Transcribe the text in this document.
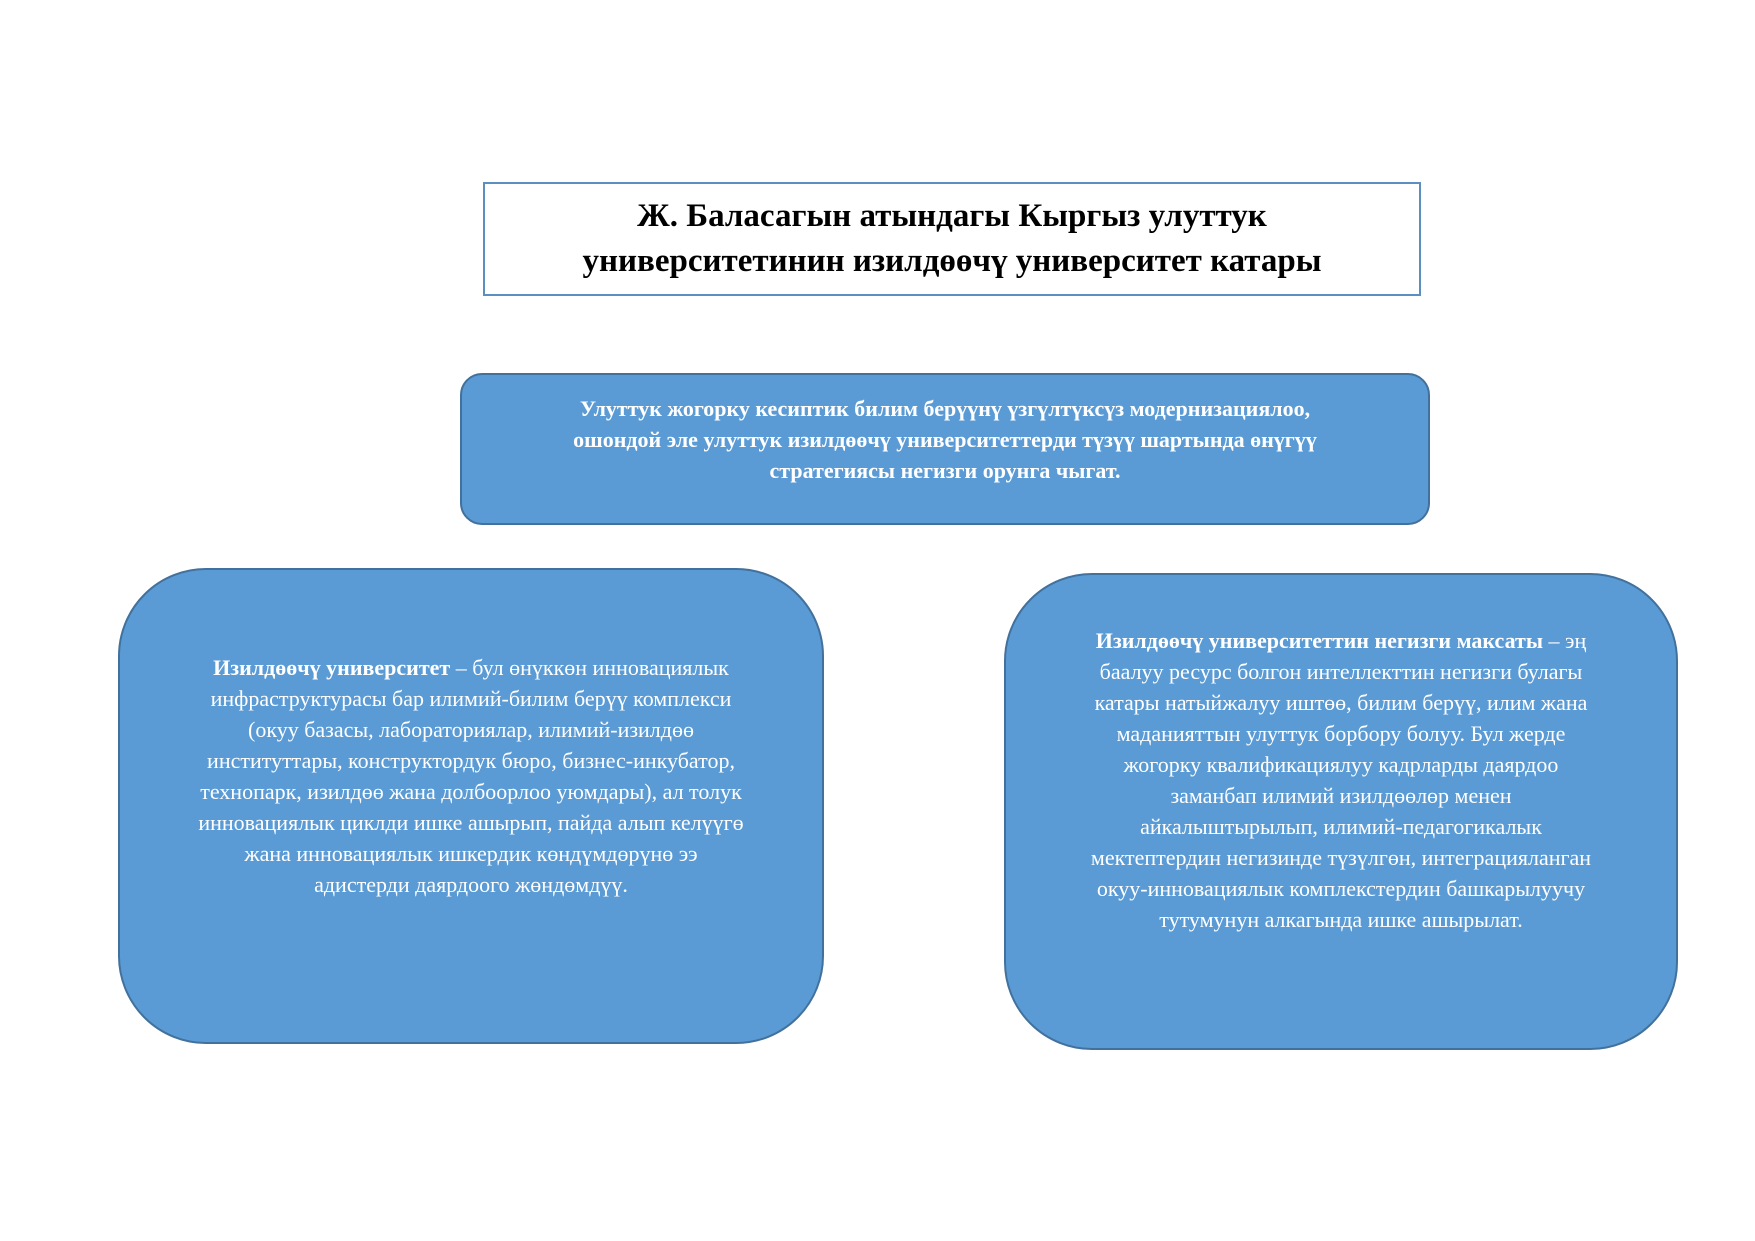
Ж. Баласагын атындагы Кыргыз улуттук
университетинин изилдөөчү университет катары

Улуттук жогорку кесиптик билим берүүнү үзгүлтүксүз модернизациялоо,
ошондой эле улуттук изилдөөчү университеттерди түзүү шартында өнүгүү
стратегиясы негизги орунга чыгат.

Изилдөөчү университет – бул өнүккөн инновациялык
инфраструктурасы бар илимий-билим берүү комплекси
(окуу базасы, лабораториялар, илимий-изилдөө
институттары, конструктордук бюро, бизнес-инкубатор,
технопарк, изилдөө жана долбоорлоо уюмдары), ал толук
инновациялык циклди ишке ашырып, пайда алып келүүгө
жана инновациялык ишкердик көндүмдөрүнө ээ
адистерди даярдоого жөндөмдүү.

Изилдөөчү университеттин негизги максаты – эң
баалуу ресурс болгон интеллекттин негизги булагы
катары натыйжалуу иштөө, билим берүү, илим жана
маданияттын улуттук борбору болуу. Бул жерде
жогорку квалификациялуу кадрларды даярдоо
заманбап илимий изилдөөлөр менен
айкалыштырылып, илимий-педагогикалык
мектептердин негизинде түзүлгөн, интеграцияланган
окуу-инновациялык комплекстердин башкарылуучу
тутумунун алкагында ишке ашырылат.
